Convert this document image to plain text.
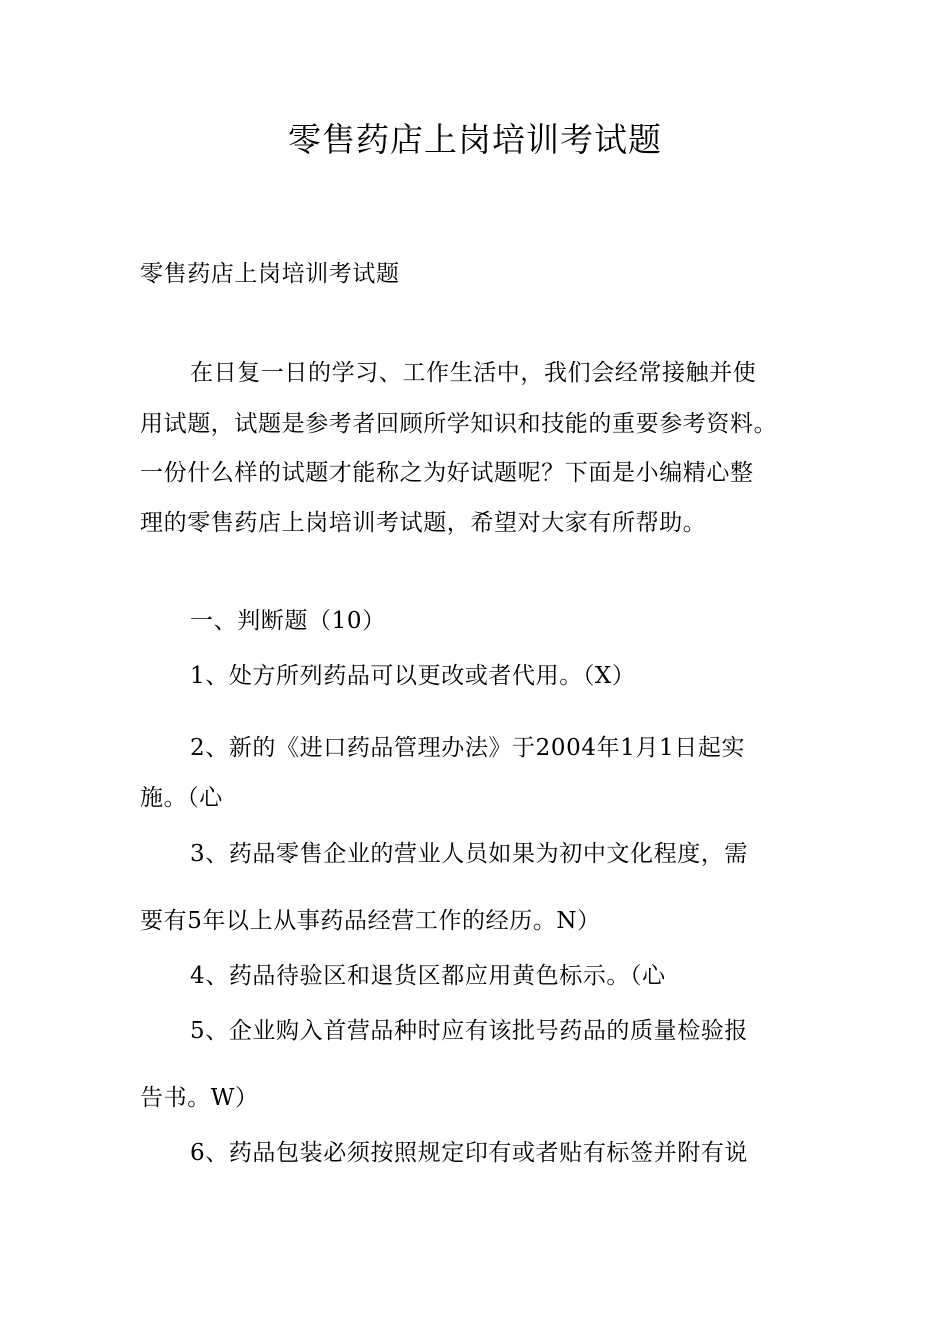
零售药店上岗培训考试题

零售药店上岗培训考试题

在日复一日的学习、工作生活中，我们会经常接触并使

用试题，试题是参考者回顾所学知识和技能的重要参考资料。

一份什么样的试题才能称之为好试题呢？下面是小编精心整

理的零售药店上岗培训考试题，希望对大家有所帮助。

一、判断题（10）

1、处方所列药品可以更改或者代用。（X）

2、新的《进口药品管理办法》于2004年1月1日起实

施。（心

3、药品零售企业的营业人员如果为初中文化程度，需

要有5年以上从事药品经营工作的经历。N）

4、药品待验区和退货区都应用黄色标示。（心

5、企业购入首营品种时应有该批号药品的质量检验报

告书。W）

6、药品包装必须按照规定印有或者贴有标签并附有说
